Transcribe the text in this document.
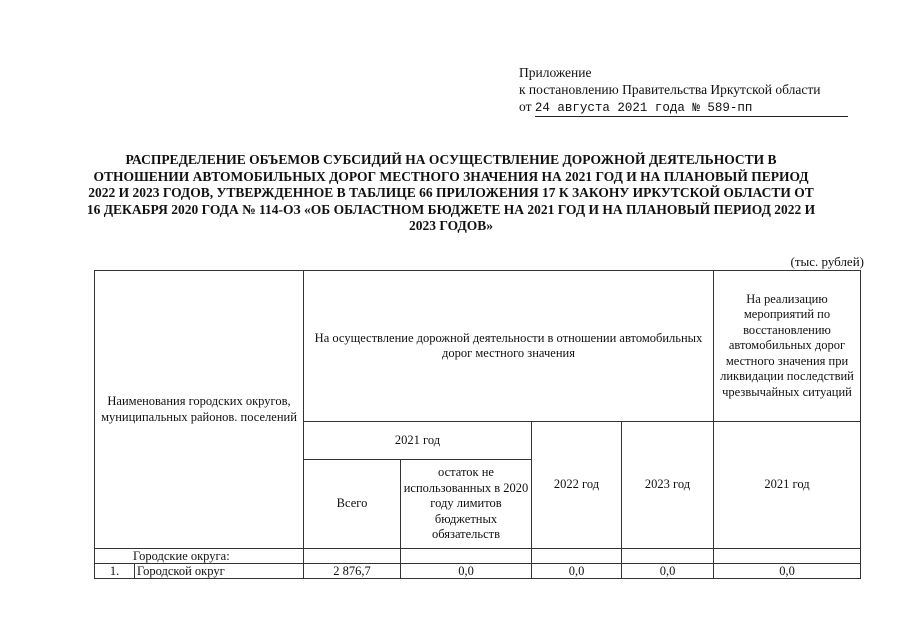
Приложение
к постановлению Правительства Иркутской области
от 24 августа 2021 года № 589-пп
РАСПРЕДЕЛЕНИЕ ОБЪЕМОВ СУБСИДИЙ НА ОСУЩЕСТВЛЕНИЕ ДОРОЖНОЙ ДЕЯТЕЛЬНОСТИ В ОТНОШЕНИИ АВТОМОБИЛЬНЫХ ДОРОГ МЕСТНОГО ЗНАЧЕНИЯ НА 2021 ГОД И НА ПЛАНОВЫЙ ПЕРИОД 2022 И 2023 ГОДОВ, УТВЕРЖДЕННОЕ В ТАБЛИЦЕ 66 ПРИЛОЖЕНИЯ 17 К ЗАКОНУ ИРКУТСКОЙ ОБЛАСТИ ОТ 16 ДЕКАБРЯ 2020 ГОДА № 114-ОЗ «ОБ ОБЛАСТНОМ БЮДЖЕТЕ НА 2021 ГОД И НА ПЛАНОВЫЙ ПЕРИОД 2022 И 2023 ГОДОВ»
(тыс. рублей)
Наименования городских округов, муниципальных районов. поселений		На осуществление дорожной деятельности в отношении автомобильных дорог местного значения				На реализацию мероприятий по восстановлению автомобильных дорог местного значения при ликвидации последствий чрезвычайных ситуаций
		2021 год		2022 год	2023 год	2021 год
		Всего	остаток не использованных в 2020 году лимитов бюджетных обязательств			
Городские округа:						
1.	Городской округ	2 876,7	0,0	0,0	0,0	0,0
